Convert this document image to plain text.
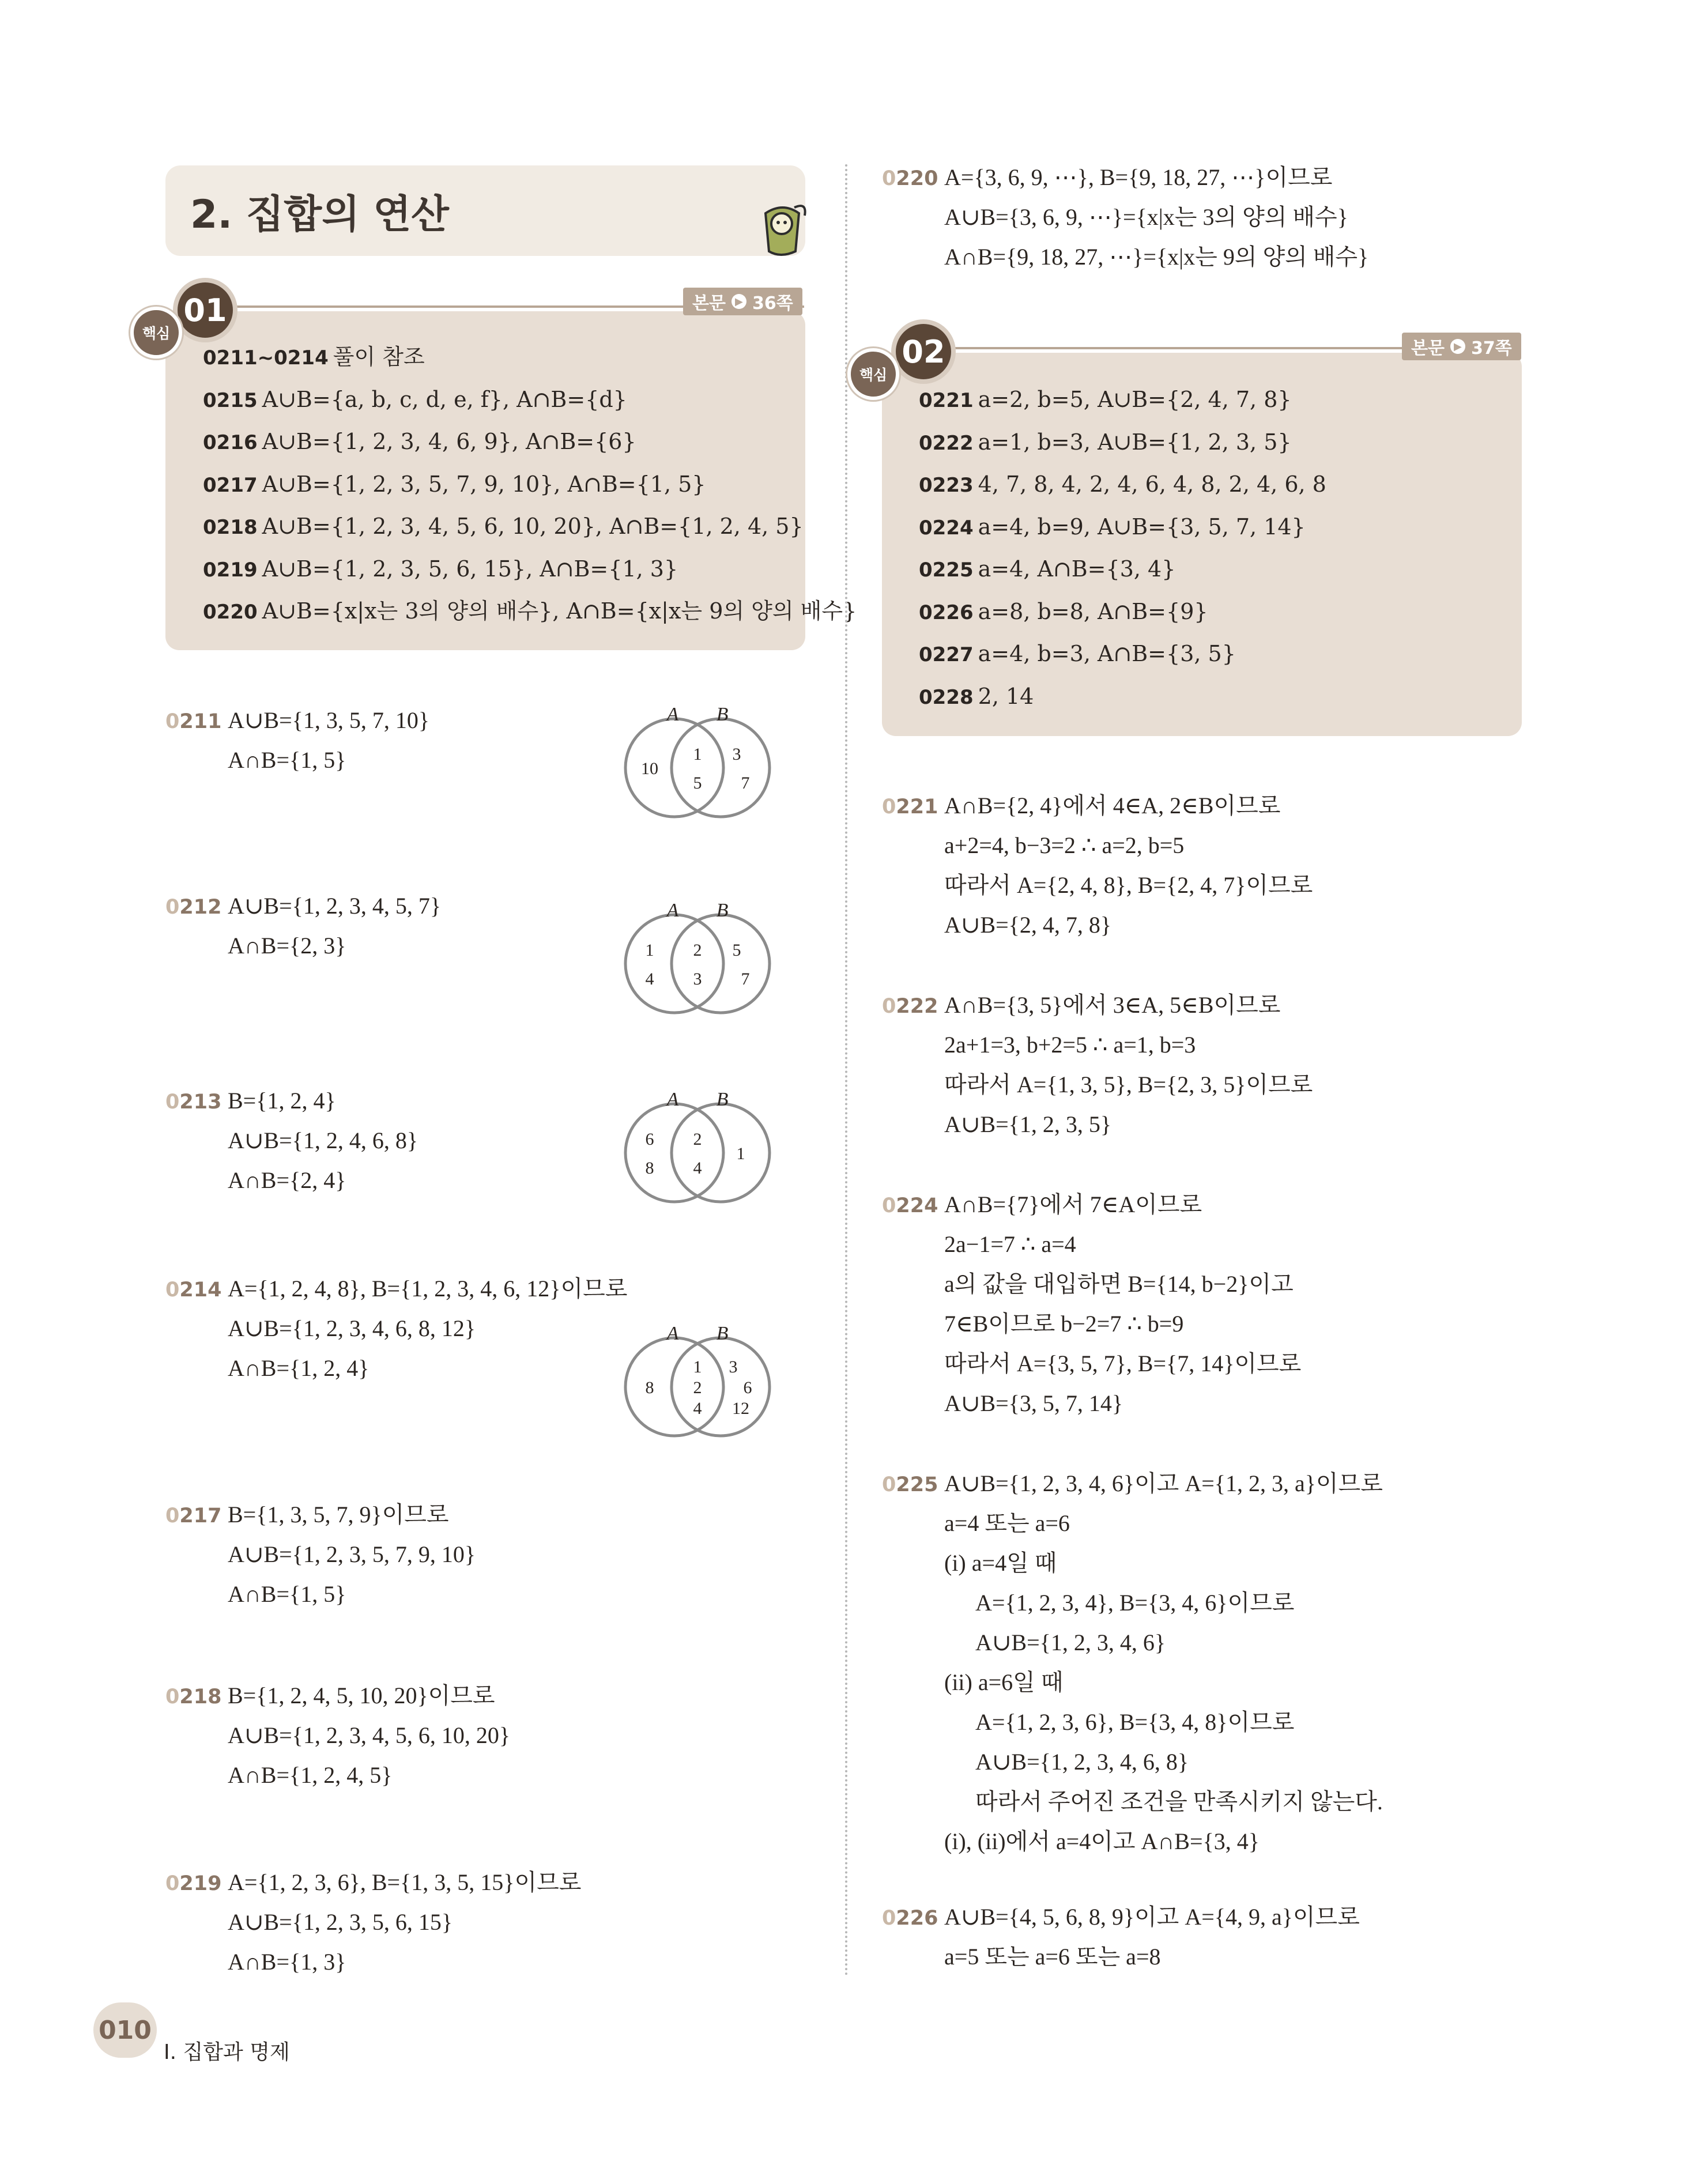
2. 집합의 연산
01
핵심
본문 ▶ 36쪽
0211~0214 풀이 참조
0215 A∪B={a, b, c, d, e, f}, A∩B={d}
0216 A∪B={1, 2, 3, 4, 6, 9}, A∩B={6}
0217 A∪B={1, 2, 3, 5, 7, 9, 10}, A∩B={1, 5}
0218 A∪B={1, 2, 3, 4, 5, 6, 10, 20}, A∩B={1, 2, 4, 5}
0219 A∪B={1, 2, 3, 5, 6, 15}, A∩B={1, 3}
0220 A∪B={x|x는 3의 양의 배수}, A∩B={x|x는 9의 양의 배수}
0211 A∪B={1, 3, 5, 7, 10}
A∩B={1, 5}
0212 A∪B={1, 2, 3, 4, 5, 7}
A∩B={2, 3}
0213 B={1, 2, 4}
A∪B={1, 2, 4, 6, 8}
A∩B={2, 4}
0214 A={1, 2, 4, 8}, B={1, 2, 3, 4, 6, 12}이므로
A∪B={1, 2, 3, 4, 6, 8, 12}
A∩B={1, 2, 4}
0217 B={1, 3, 5, 7, 9}이므로
A∪B={1, 2, 3, 5, 7, 9, 10}
A∩B={1, 5}
0218 B={1, 2, 4, 5, 10, 20}이므로
A∪B={1, 2, 3, 4, 5, 6, 10, 20}
A∩B={1, 2, 4, 5}
0219 A={1, 2, 3, 6}, B={1, 3, 5, 15}이므로
A∪B={1, 2, 3, 5, 6, 15}
A∩B={1, 3}
A B
10
1
5
3
7
A B
1
4
2
3
5
7
A B
6
8
2
4
1
A B
8
1
2
4
3
6
12
0220 A={3, 6, 9, ⋯}, B={9, 18, 27, ⋯}이므로
A∪B={3, 6, 9, ⋯}={x|x는 3의 양의 배수}
A∩B={9, 18, 27, ⋯}={x|x는 9의 양의 배수}
02
핵심
본문 ▶ 37쪽
0221 a=2, b=5, A∪B={2, 4, 7, 8}
0222 a=1, b=3, A∪B={1, 2, 3, 5}
0223 4, 7, 8, 4, 2, 4, 6, 4, 8, 2, 4, 6, 8
0224 a=4, b=9, A∪B={3, 5, 7, 14}
0225 a=4, A∩B={3, 4}
0226 a=8, b=8, A∩B={9}
0227 a=4, b=3, A∩B={3, 5}
0228 2, 14
0221 A∩B={2, 4}에서 4∈A, 2∈B이므로
a+2=4, b−3=2 ∴ a=2, b=5
따라서 A={2, 4, 8}, B={2, 4, 7}이므로
A∪B={2, 4, 7, 8}
0222 A∩B={3, 5}에서 3∈A, 5∈B이므로
2a+1=3, b+2=5 ∴ a=1, b=3
따라서 A={1, 3, 5}, B={2, 3, 5}이므로
A∪B={1, 2, 3, 5}
0224 A∩B={7}에서 7∈A이므로
2a−1=7 ∴ a=4
a의 값을 대입하면 B={14, b−2}이고
7∈B이므로 b−2=7 ∴ b=9
따라서 A={3, 5, 7}, B={7, 14}이므로
A∪B={3, 5, 7, 14}
0225 A∪B={1, 2, 3, 4, 6}이고 A={1, 2, 3, a}이므로
a=4 또는 a=6
(i) a=4일 때
A={1, 2, 3, 4}, B={3, 4, 6}이므로
A∪B={1, 2, 3, 4, 6}
(ii) a=6일 때
A={1, 2, 3, 6}, B={3, 4, 8}이므로
A∪B={1, 2, 3, 4, 6, 8}
따라서 주어진 조건을 만족시키지 않는다.
(i), (ii)에서 a=4이고 A∩B={3, 4}
0226 A∪B={4, 5, 6, 8, 9}이고 A={4, 9, a}이므로
a=5 또는 a=6 또는 a=8
010
I. 집합과 명제
